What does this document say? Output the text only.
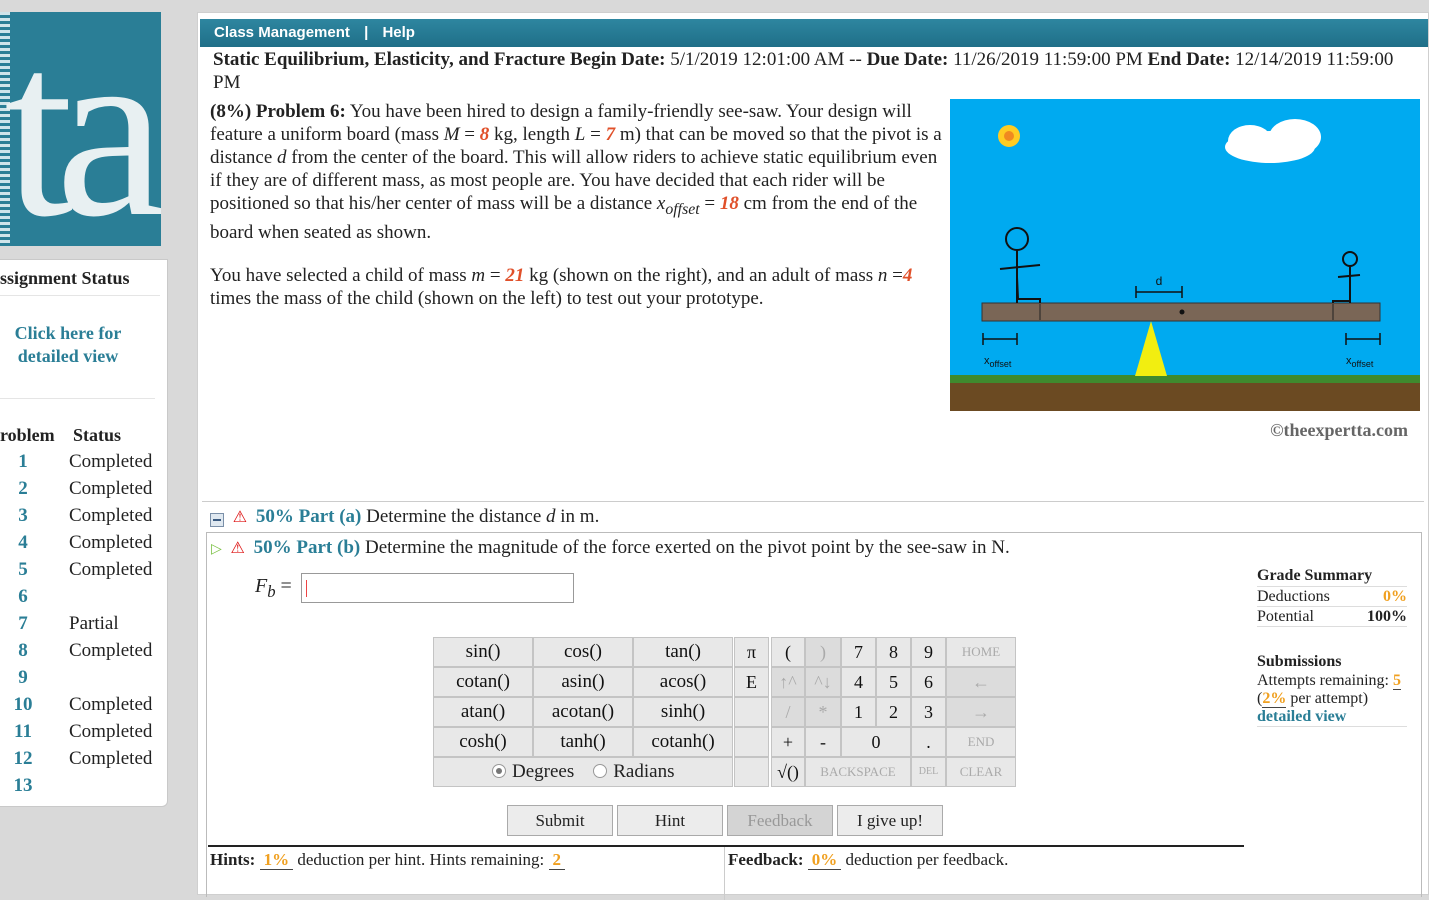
ta
ssignment Status
Click here for detailed view
roblem Status
1	Completed
2	Completed
3	Completed
4	Completed
5	Completed
6
7	Partial
8	Completed
9
10	Completed
11	Completed
12	Completed
13
Class Management | Help
Static Equilibrium, Elasticity, and Fracture Begin Date: 5/1/2019 12:01:00 AM -- Due Date: 11/26/2019 11:59:00 PM End Date: 12/14/2019 11:59:00 PM
(8%) Problem 6: You have been hired to design a family-friendly see-saw. Your design will feature a uniform board (mass M = 8 kg, length L = 7 m) that can be moved so that the pivot is a distance d from the center of the board. This will allow riders to achieve static equilibrium even if they are of different mass, as most people are. You have decided that each rider will be positioned so that his/her center of mass will be a distance $x_{offset} = 18$ cm from the end of the board when seated as shown.
You have selected a child of mass m = 21 kg (shown on the right), and an adult of mass n =4 times the mass of the child (shown on the left) to test out your prototype.
d
$x_{offset}$	$x_{offset}$
©theexpertta.com
⚠ 50% Part (a) Determine the distance d in m.
▷ ⚠ 50% Part (b) Determine the magnitude of the force exerted on the pivot point by the see-saw in N.
$F_b$ =
sin()	cos()	tan()
cotan()	asin()	acos()
atan()	acotan()	sinh()
cosh()	tanh()	cotanh()
Degrees Radians
π	(	)	7	8	9	HOME
E	↑^ ^↓	4	5	6	←
/	*	1	2	3	→
+	-	0	.	END
√()	BACKSPACE	DEL	CLEAR
Submit	Hint	Feedback	I give up!
Hints: 1% deduction per hint. Hints remaining: 2	Feedback: 0% deduction per feedback.
Grade Summary
Deductions	0%
Potential	100%
Submissions
Attempts remaining: 5
(2% per attempt)
detailed view
